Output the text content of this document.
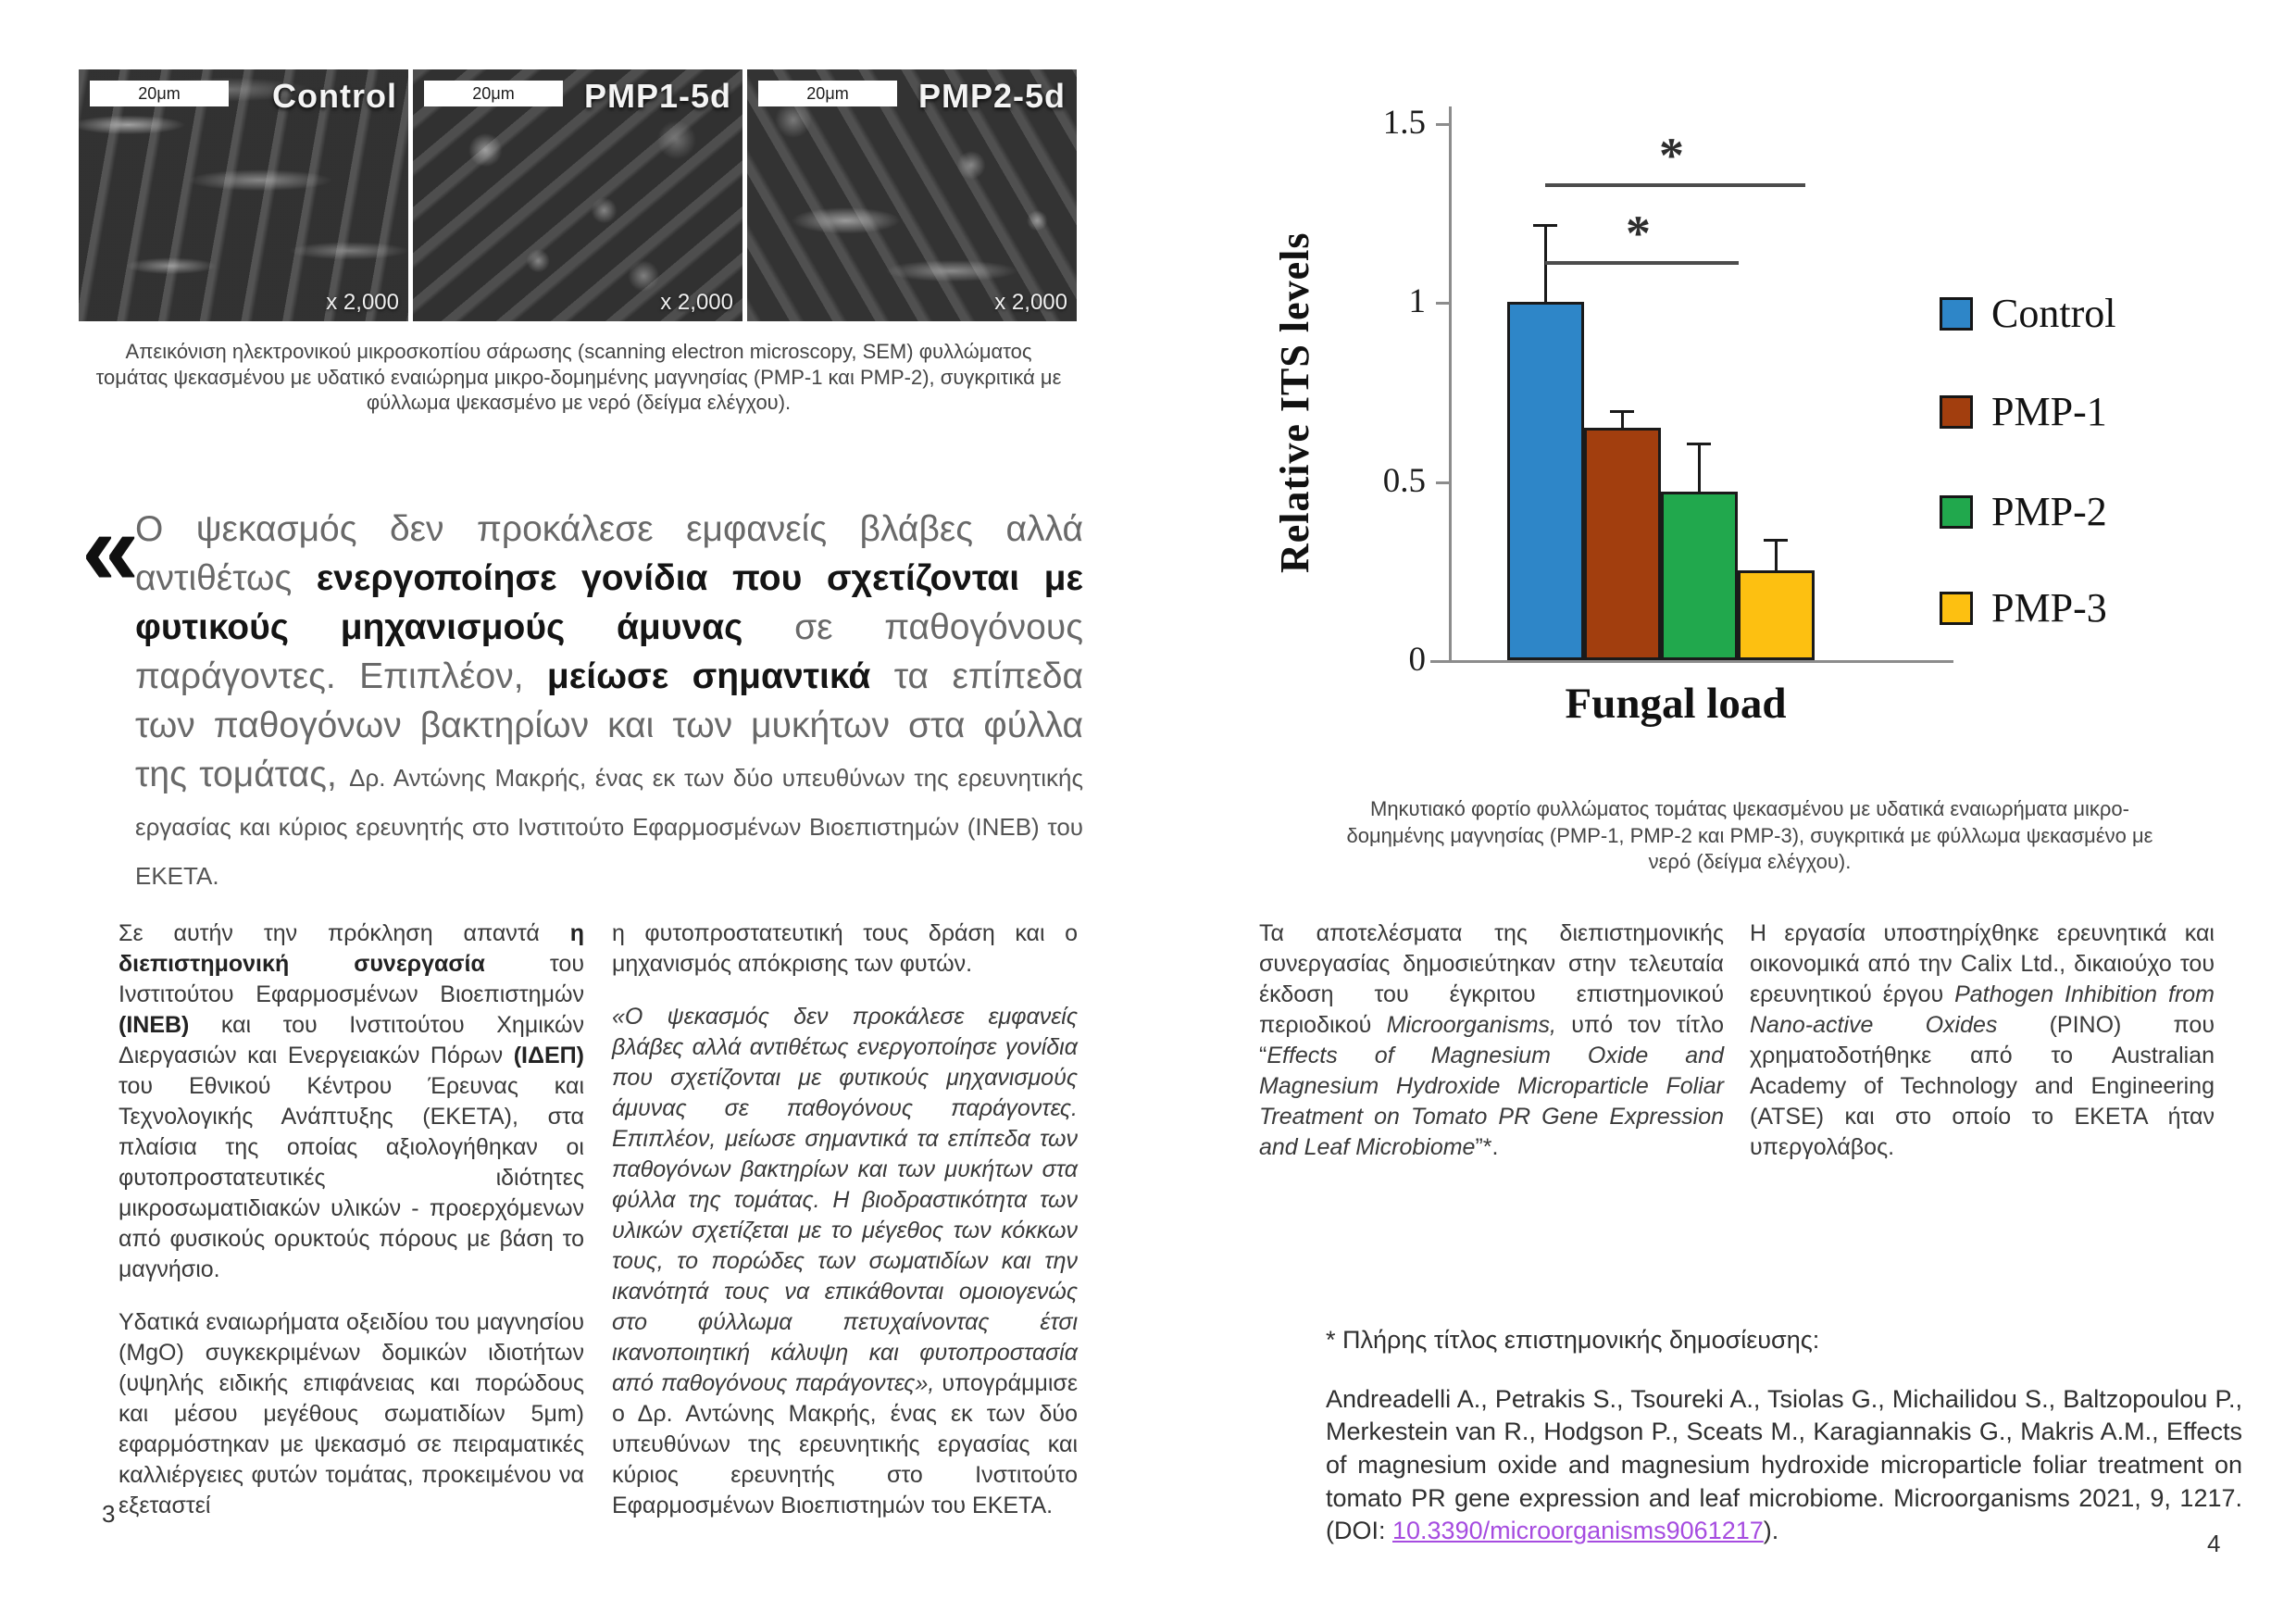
20μm	Control
x 2,000
20μm PMP1-5d
x 2,000
20μm PMP2-5d
x 2,000
Απεικόνιση ηλεκτρονικού μικροσκοπίου σάρωσης (scanning electron microscopy, SEM) φυλλώματος τομάτας ψεκασμένου με υδατικό εναιώρημα μικρο-δομημένης μαγνησίας (PMP-1 και PMP-2), συγκριτικά με φύλλωμα ψεκασμένο με νερό (δείγμα ελέγχου).
«
Ο ψεκασμός δεν προκάλεσε εμφανείς βλάβες αλλά αντιθέτως ενεργοποίησε γονίδια που σχετίζονται με φυτικούς μηχανισμούς άμυνας σε παθογόνους παράγοντες. Επιπλέον, μείωσε σημαντικά τα επίπεδα των παθογόνων βακτηρίων και των μυκήτων στα φύλλα της τομάτας, Δρ. Αντώνης Μακρής, ένας εκ των δύο υπευθύνων της ερευνητικής εργασίας και κύριος ερευνητής στο Ινστιτούτο Εφαρμοσμένων Βιοεπιστημών (ΙΝΕΒ) του ΕΚΕΤΑ.

Σε αυτήν την πρόκληση απαντά η διεπιστημονική συνεργασία του Ινστιτούτου Εφαρμοσμένων Βιοεπιστημών (ΙΝΕΒ) και του Ινστιτούτου Χημικών Διεργασιών και Ενεργειακών Πόρων (ΙΔΕΠ) του Εθνικού Κέντρου Έρευνας και Τεχνολογικής Ανάπτυξης (ΕΚΕΤΑ), στα πλαίσια της οποίας αξιολογήθηκαν οι φυτοπροστατευτικές ιδιότητες μικροσωματιδιακών υλικών - προερχόμενων από φυσικούς ορυκτούς πόρους με βάση το μαγνήσιο.

Υδατικά εναιωρήματα οξειδίου του μαγνησίου (MgO) συγκεκριμένων δομικών ιδιοτήτων (υψηλής ειδικής επιφάνειας και πορώδους και μέσου μεγέθους σωματιδίων 5μm) εφαρμόστηκαν με ψεκασμό σε πειραματικές καλλιέργειες φυτών τομάτας, προκειμένου να εξεταστεί

η φυτοπροστατευτική τους δράση και ο μηχανισμός απόκρισης των φυτών.

«Ο ψεκασμός δεν προκάλεσε εμφανείς βλάβες αλλά αντιθέτως ενεργοποίησε γονίδια που σχετίζονται με φυτικούς μηχανισμούς άμυνας σε παθογόνους παράγοντες. Επιπλέον, μείωσε σημαντικά τα επίπεδα των παθογόνων βακτηρίων και των μυκήτων στα φύλλα της τομάτας. Η βιοδραστικότητα των υλικών σχετίζεται με το μέγεθος των κόκκων τους, το πορώδες των σωματιδίων και την ικανότητά τους να επικάθονται ομοιογενώς στο φύλλωμα πετυχαίνοντας έτσι ικανοποιητική κάλυψη και φυτοπροστασία από παθογόνους παράγοντες», υπογράμμισε ο Δρ. Αντώνης Μακρής, ένας εκ των δύο υπευθύνων της ερευνητικής εργασίας και κύριος ερευνητής στο Ινστιτούτο Εφαρμοσμένων Βιοεπιστημών του ΕΚΕΤΑ.

3
Relative ITS levels
1.5
1
0.5
0
*
*
Fungal load
Control
PMP-1
PMP-2
PMP-3
Μηκυτιακό φορτίο φυλλώματος τομάτας ψεκασμένου με υδατικά εναιωρήματα μικρο-δομημένης μαγνησίας (PMP-1, PMP-2 και PMP-3), συγκριτικά με φύλλωμα ψεκασμένο με νερό (δείγμα ελέγχου).

Τα αποτελέσματα της διεπιστημονικής συνεργασίας δημοσιεύτηκαν στην τελευταία έκδοση του έγκριτου επιστημονικού περιοδικού Microorganisms, υπό τον τίτλο “Effects of Magnesium Oxide and Magnesium Hydroxide Microparticle Foliar Treatment on Tomato PR Gene Expression and Leaf Microbiome”*.

Η εργασία υποστηρίχθηκε ερευνητικά και οικονομικά από την Calix Ltd., δικαιούχο του ερευνητικού έργου Pathogen Inhibition from Nano-active Oxides (PINO) που χρηματοδοτήθηκε από το Australian Academy of Technology and Engineering (ATSE) και στο οποίο το ΕΚΕΤΑ ήταν υπεργολάβος.

* Πλήρης τίτλος επιστημονικής δημοσίευσης:

Andreadelli A., Petrakis S., Tsoureki A., Tsiolas G., Michailidou S., Baltzopoulou P., Merkestein van R., Hodgson P., Sceats M., Karagiannakis G., Makris A.M., Effects of magnesium oxide and magnesium hydroxide microparticle foliar treatment on tomato PR gene expression and leaf microbiome. Microorganisms 2021, 9, 1217. (DOI: 10.3390/microorganisms9061217).	4
